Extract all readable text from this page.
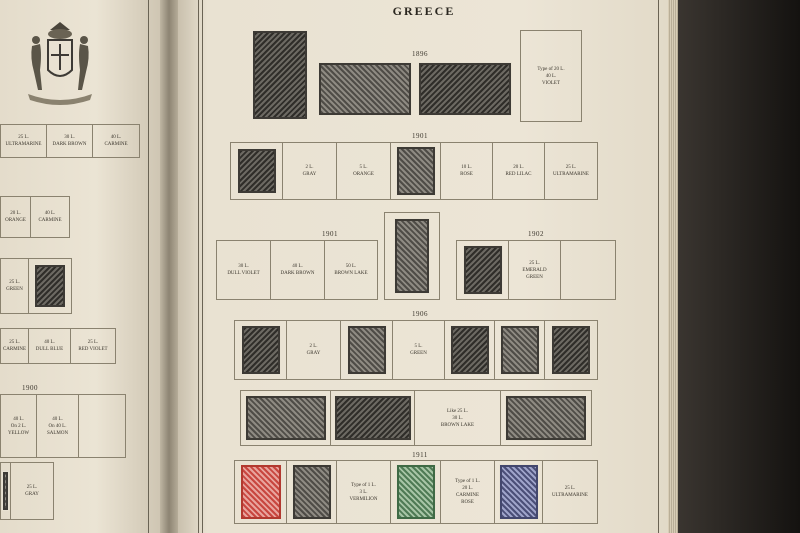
25 L.
ULTRAMARINE
30 L.
DARK BROWN
40 L.
CARMINE
20 L.
ORANGE
40 L.
CARMINE
25 L.
GREEN
25 L.
CARMINE
40 L.
DULL BLUE
25 L.
RED VIOLET
1900
40 L.
On 2 L.
YELLOW
40 L.
On 40 L.
SALMON
25 L.
GRAY
GREECE
1896
Type of 20 L.
40 L.
VIOLET
1901
2 L.
GRAY
5 L.
ORANGE
10 L.
ROSE
20 L.
RED LILAC
25 L.
ULTRAMARINE
1901
30 L.
DULL VIOLET
40 L.
DARK BROWN
50 L.
BROWN LAKE
1902
25 L.
EMERALD
GREEN
1906
2 L.
GRAY
5 L.
GREEN
Like 25 L.
30 L.
BROWN LAKE
1911
Type of 1 L.
3 L.
VERMILION
Type of 1 L.
20 L.
CARMINE
ROSE
25 L.
ULTRAMARINE
